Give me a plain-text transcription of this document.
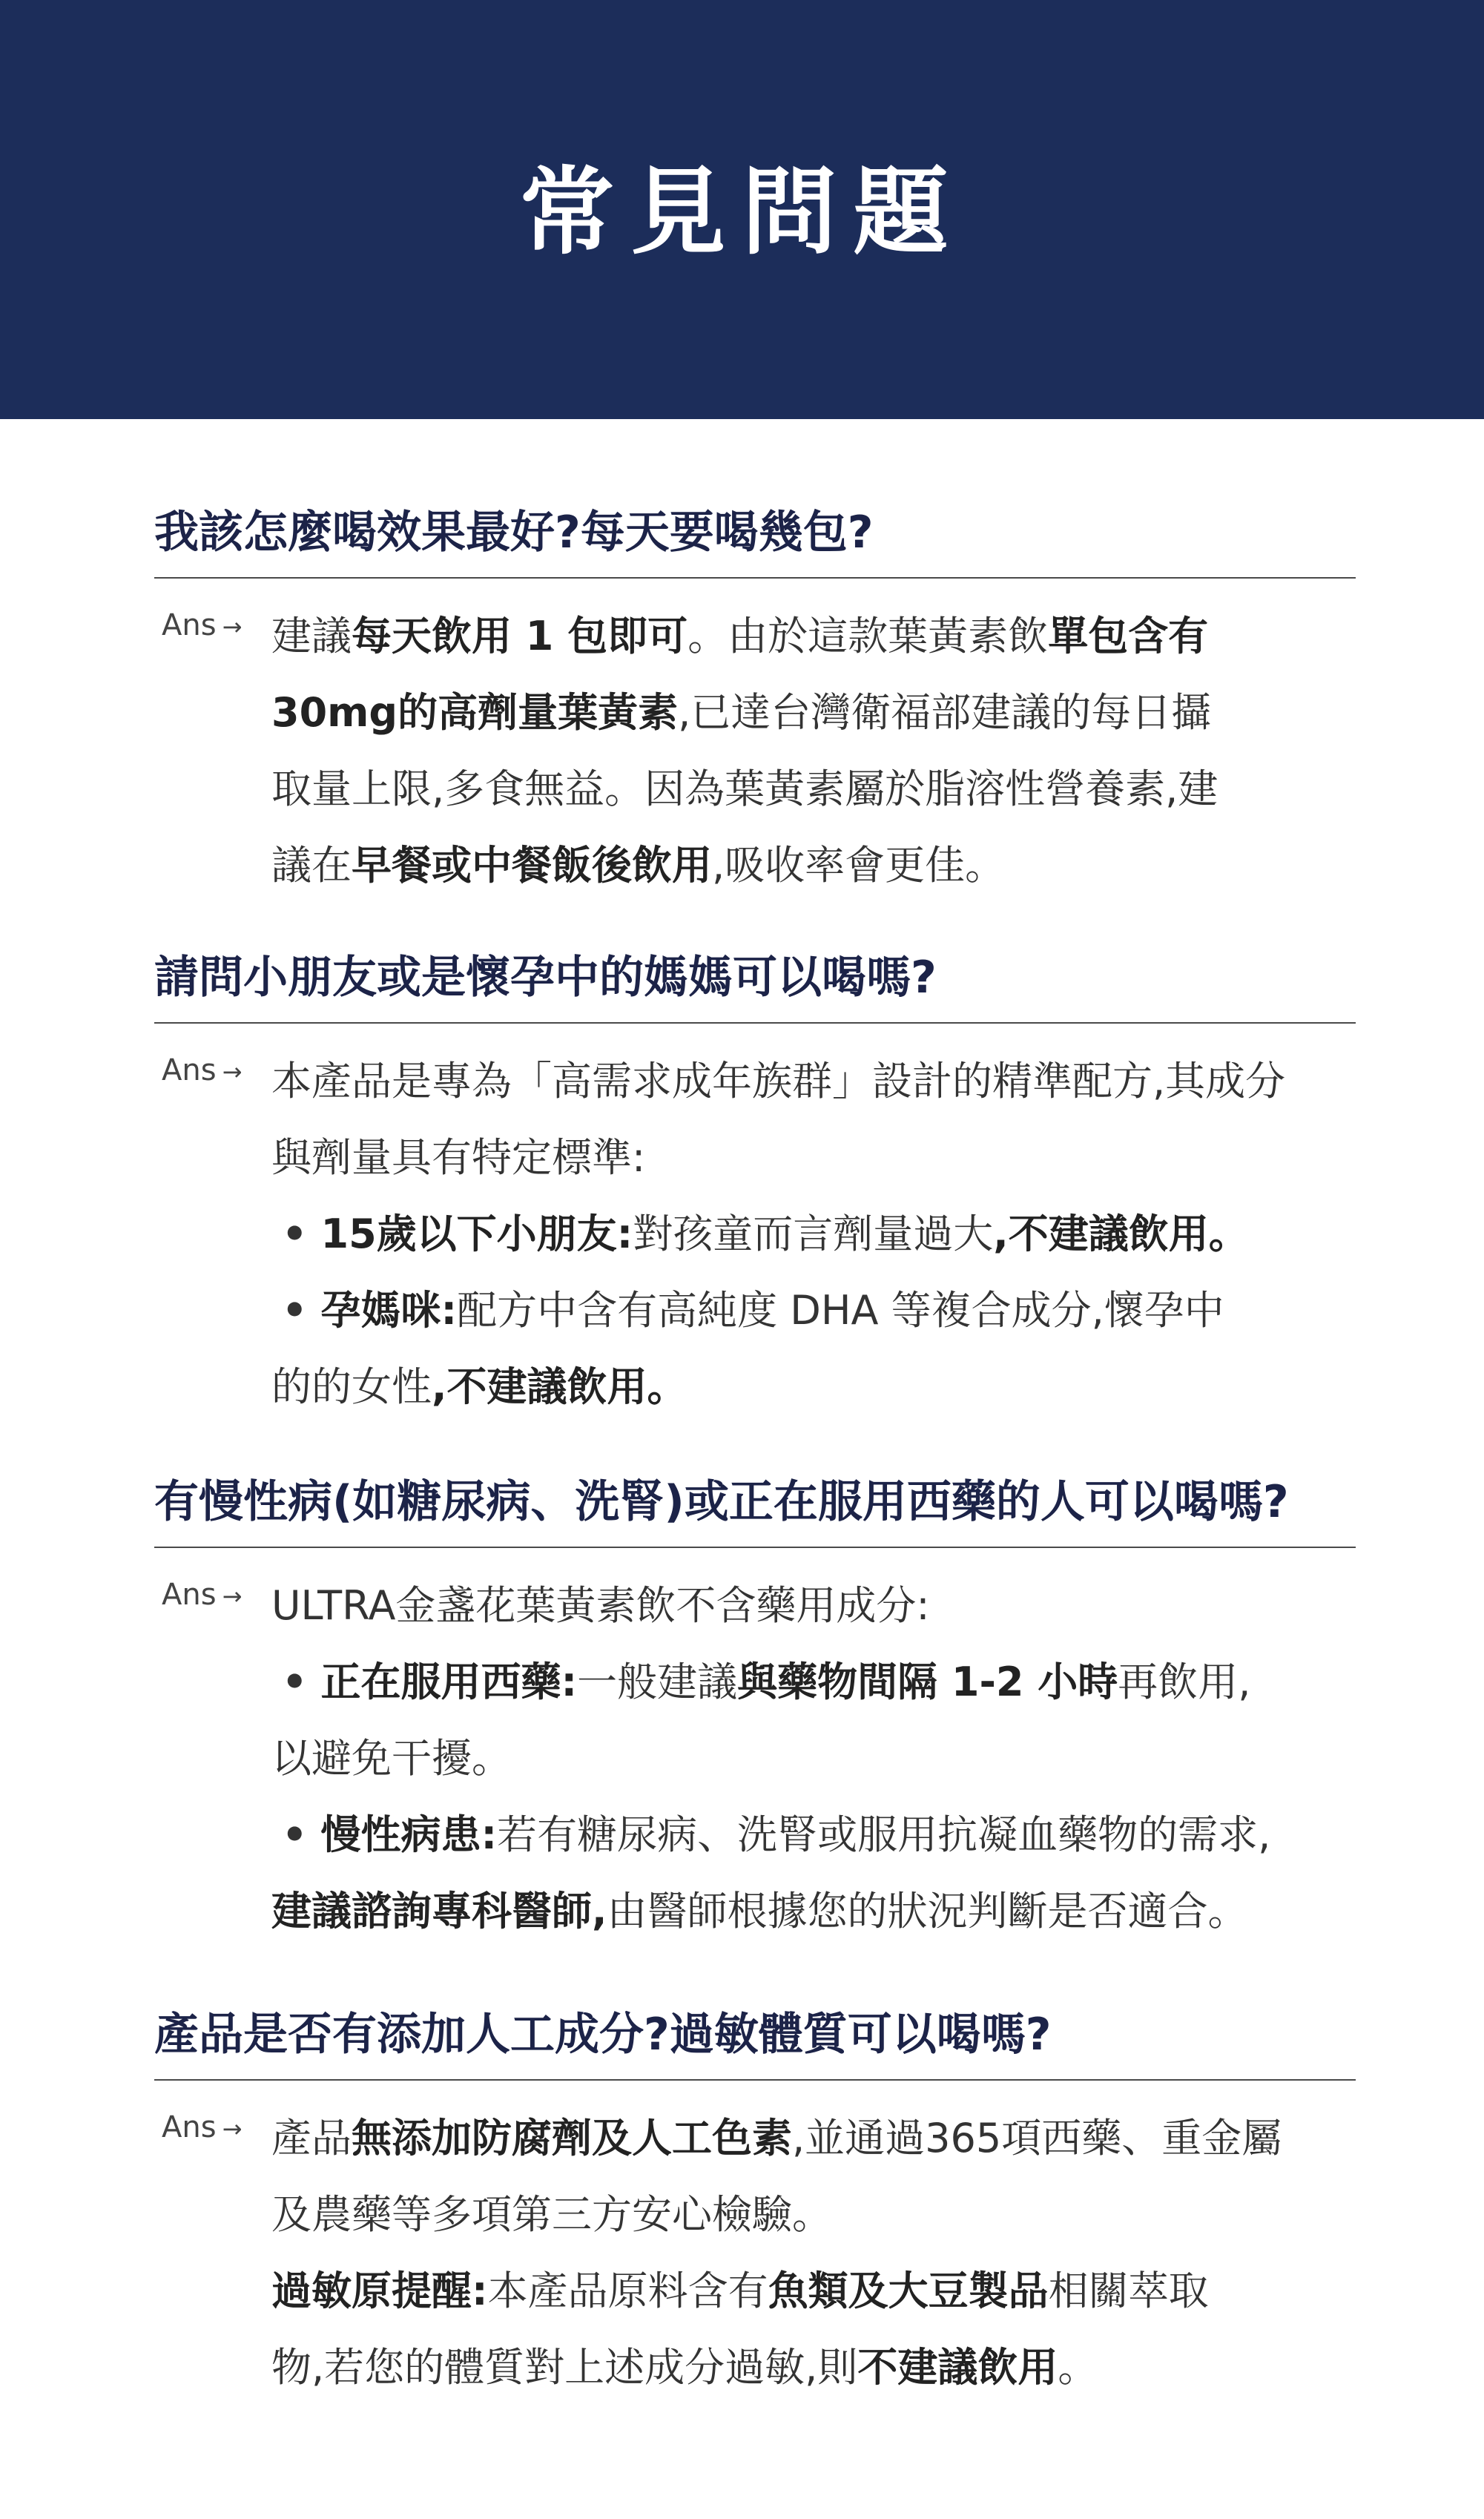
常見問題
我該怎麼喝效果最好?每天要喝幾包?
Ans → 建議每天飲用 1 包即可。由於這款葉黃素飲單包含有

30mg的高劑量葉黃素,已達台灣衛福部建議的每日攝

取量上限,多食無益。因為葉黃素屬於脂溶性營養素,建

議在早餐或中餐飯後飲用,吸收率會更佳。

請問小朋友或是懷孕中的媽媽可以喝嗎?
Ans → 本產品是專為「高需求成年族群」設計的精準配方,其成分

與劑量具有特定標準:

• 15歲以下小朋友:對孩童而言劑量過大,不建議飲用。

• 孕媽咪:配方中含有高純度 DHA 等複合成分,懷孕中

的的女性,不建議飲用。

有慢性病(如糖尿病、洗腎)或正在服用西藥的人可以喝嗎?
Ans → ULTRA金盞花葉黃素飲不含藥用成分:

• 正在服用西藥:一般建議與藥物間隔 1-2 小時再飲用,

以避免干擾。

• 慢性病患:若有糖尿病、洗腎或服用抗凝血藥物的需求,

建議諮詢專科醫師,由醫師根據您的狀況判斷是否適合。

產品是否有添加人工成分?過敏體質可以喝嗎?
Ans → 產品無添加防腐劑及人工色素,並通過365項西藥、重金屬

及農藥等多項第三方安心檢驗。

過敏原提醒:本產品原料含有魚類及大豆製品相關萃取

物,若您的體質對上述成分過敏,則不建議飲用。
